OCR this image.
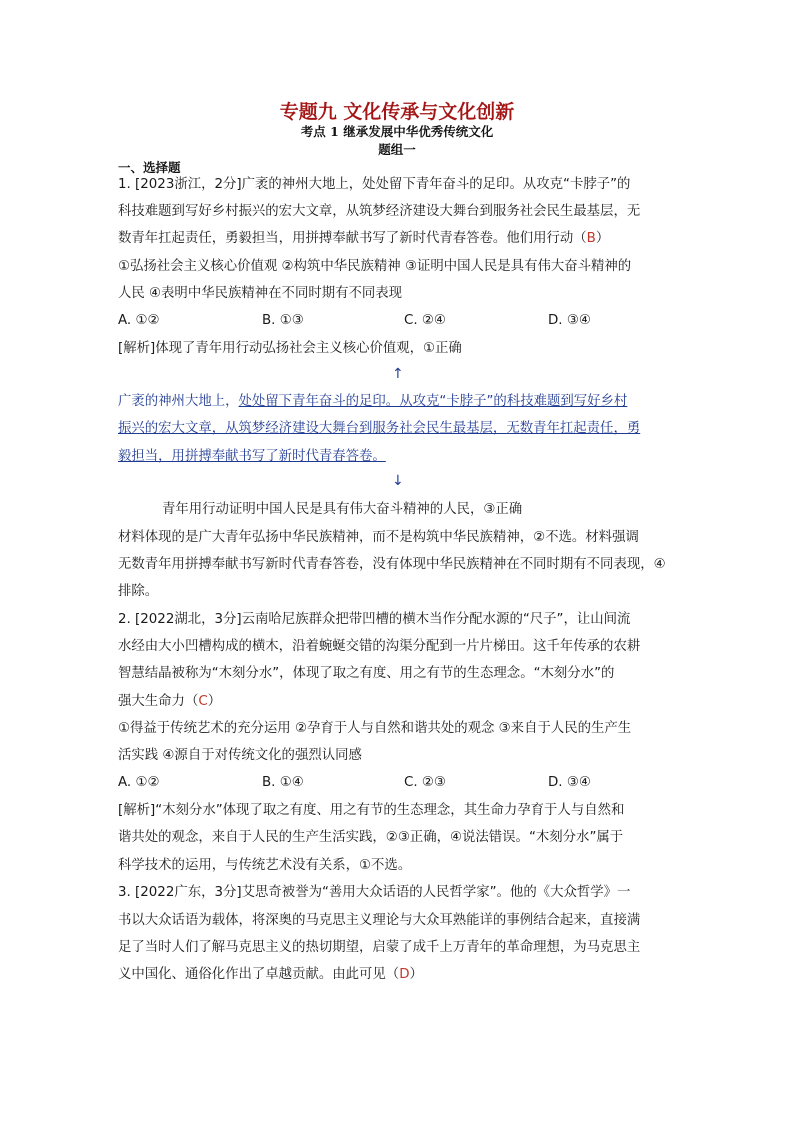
专题九 文化传承与文化创新
考点 1 继承发展中华优秀传统文化
题组一
一、选择题
1. [2023浙江，2分]广袤的神州大地上，处处留下青年奋斗的足印。从攻克“卡脖子”的
科技难题到写好乡村振兴的宏大文章，从筑梦经济建设大舞台到服务社会民生最基层，无
数青年扛起责任，勇毅担当，用拼搏奉献书写了新时代青春答卷。他们用行动（B）
①弘扬社会主义核心价值观 ②构筑中华民族精神 ③证明中国人民是具有伟大奋斗精神的
人民 ④表明中华民族精神在不同时期有不同表现
A. ①②	B. ①③	C. ②④	D. ③④
[解析]体现了青年用行动弘扬社会主义核心价值观，①正确
↑
广袤的神州大地上，处处留下青年奋斗的足印。从攻克“卡脖子”的科技难题到写好乡村
振兴的宏大文章，从筑梦经济建设大舞台到服务社会民生最基层，无数青年扛起责任，勇
毅担当，用拼搏奉献书写了新时代青春答卷。
↓
青年用行动证明中国人民是具有伟大奋斗精神的人民，③正确
材料体现的是广大青年弘扬中华民族精神，而不是构筑中华民族精神，②不选。材料强调
无数青年用拼搏奉献书写新时代青春答卷，没有体现中华民族精神在不同时期有不同表现，④
排除。
2. [2022湖北，3分]云南哈尼族群众把带凹槽的横木当作分配水源的“尺子”，让山间流
水经由大小凹槽构成的横木，沿着蜿蜒交错的沟渠分配到一片片梯田。这千年传承的农耕
智慧结晶被称为“木刻分水”，体现了取之有度、用之有节的生态理念。“木刻分水”的
强大生命力（C）
①得益于传统艺术的充分运用 ②孕育于人与自然和谐共处的观念 ③来自于人民的生产生
活实践 ④源自于对传统文化的强烈认同感
A. ①②	B. ①④	C. ②③	D. ③④
[解析]“木刻分水”体现了取之有度、用之有节的生态理念，其生命力孕育于人与自然和
谐共处的观念，来自于人民的生产生活实践，②③正确，④说法错误。“木刻分水”属于
科学技术的运用，与传统艺术没有关系，①不选。
3. [2022广东，3分]艾思奇被誉为“善用大众话语的人民哲学家”。他的《大众哲学》一
书以大众话语为载体，将深奥的马克思主义理论与大众耳熟能详的事例结合起来，直接满
足了当时人们了解马克思主义的热切期望，启蒙了成千上万青年的革命理想，为马克思主
义中国化、通俗化作出了卓越贡献。由此可见（D）
